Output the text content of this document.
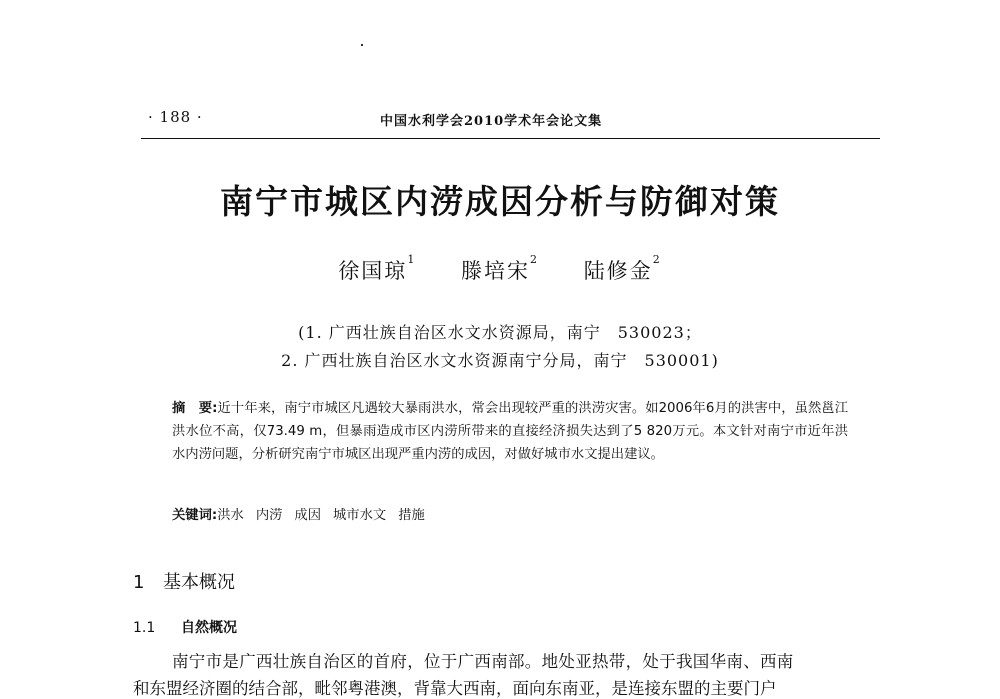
· 188 ·	中国水利学会2010学术年会论文集
南宁市城区内涝成因分析与防御对策
徐国琼$^1$ 滕培宋$^2$ 陆修金$^2$
(1. 广西壮族自治区水文水资源局，南宁　530023；
2. 广西壮族自治区水文水资源南宁分局，南宁　530001)
摘　要:近十年来，南宁市城区凡遇较大暴雨洪水，常会出现较严重的洪涝灾害。如2006年6月的洪害中，虽然邕江洪水位不高，仅73.49 m，但暴雨造成市区内涝所带来的直接经济损失达到了5 820万元。本文针对南宁市近年洪水内涝问题，分析研究南宁市城区出现严重内涝的成因，对做好城市水文提出建议。
关键词:洪水 内涝 成因 城市水文 措施
1 基本概况
1.1 自然概况
南宁市是广西壮族自治区的首府，位于广西南部。地处亚热带，处于我国华南、西南
和东盟经济圈的结合部，毗邻粤港澳，背靠大西南，面向东南亚，是连接东盟的主要门户
